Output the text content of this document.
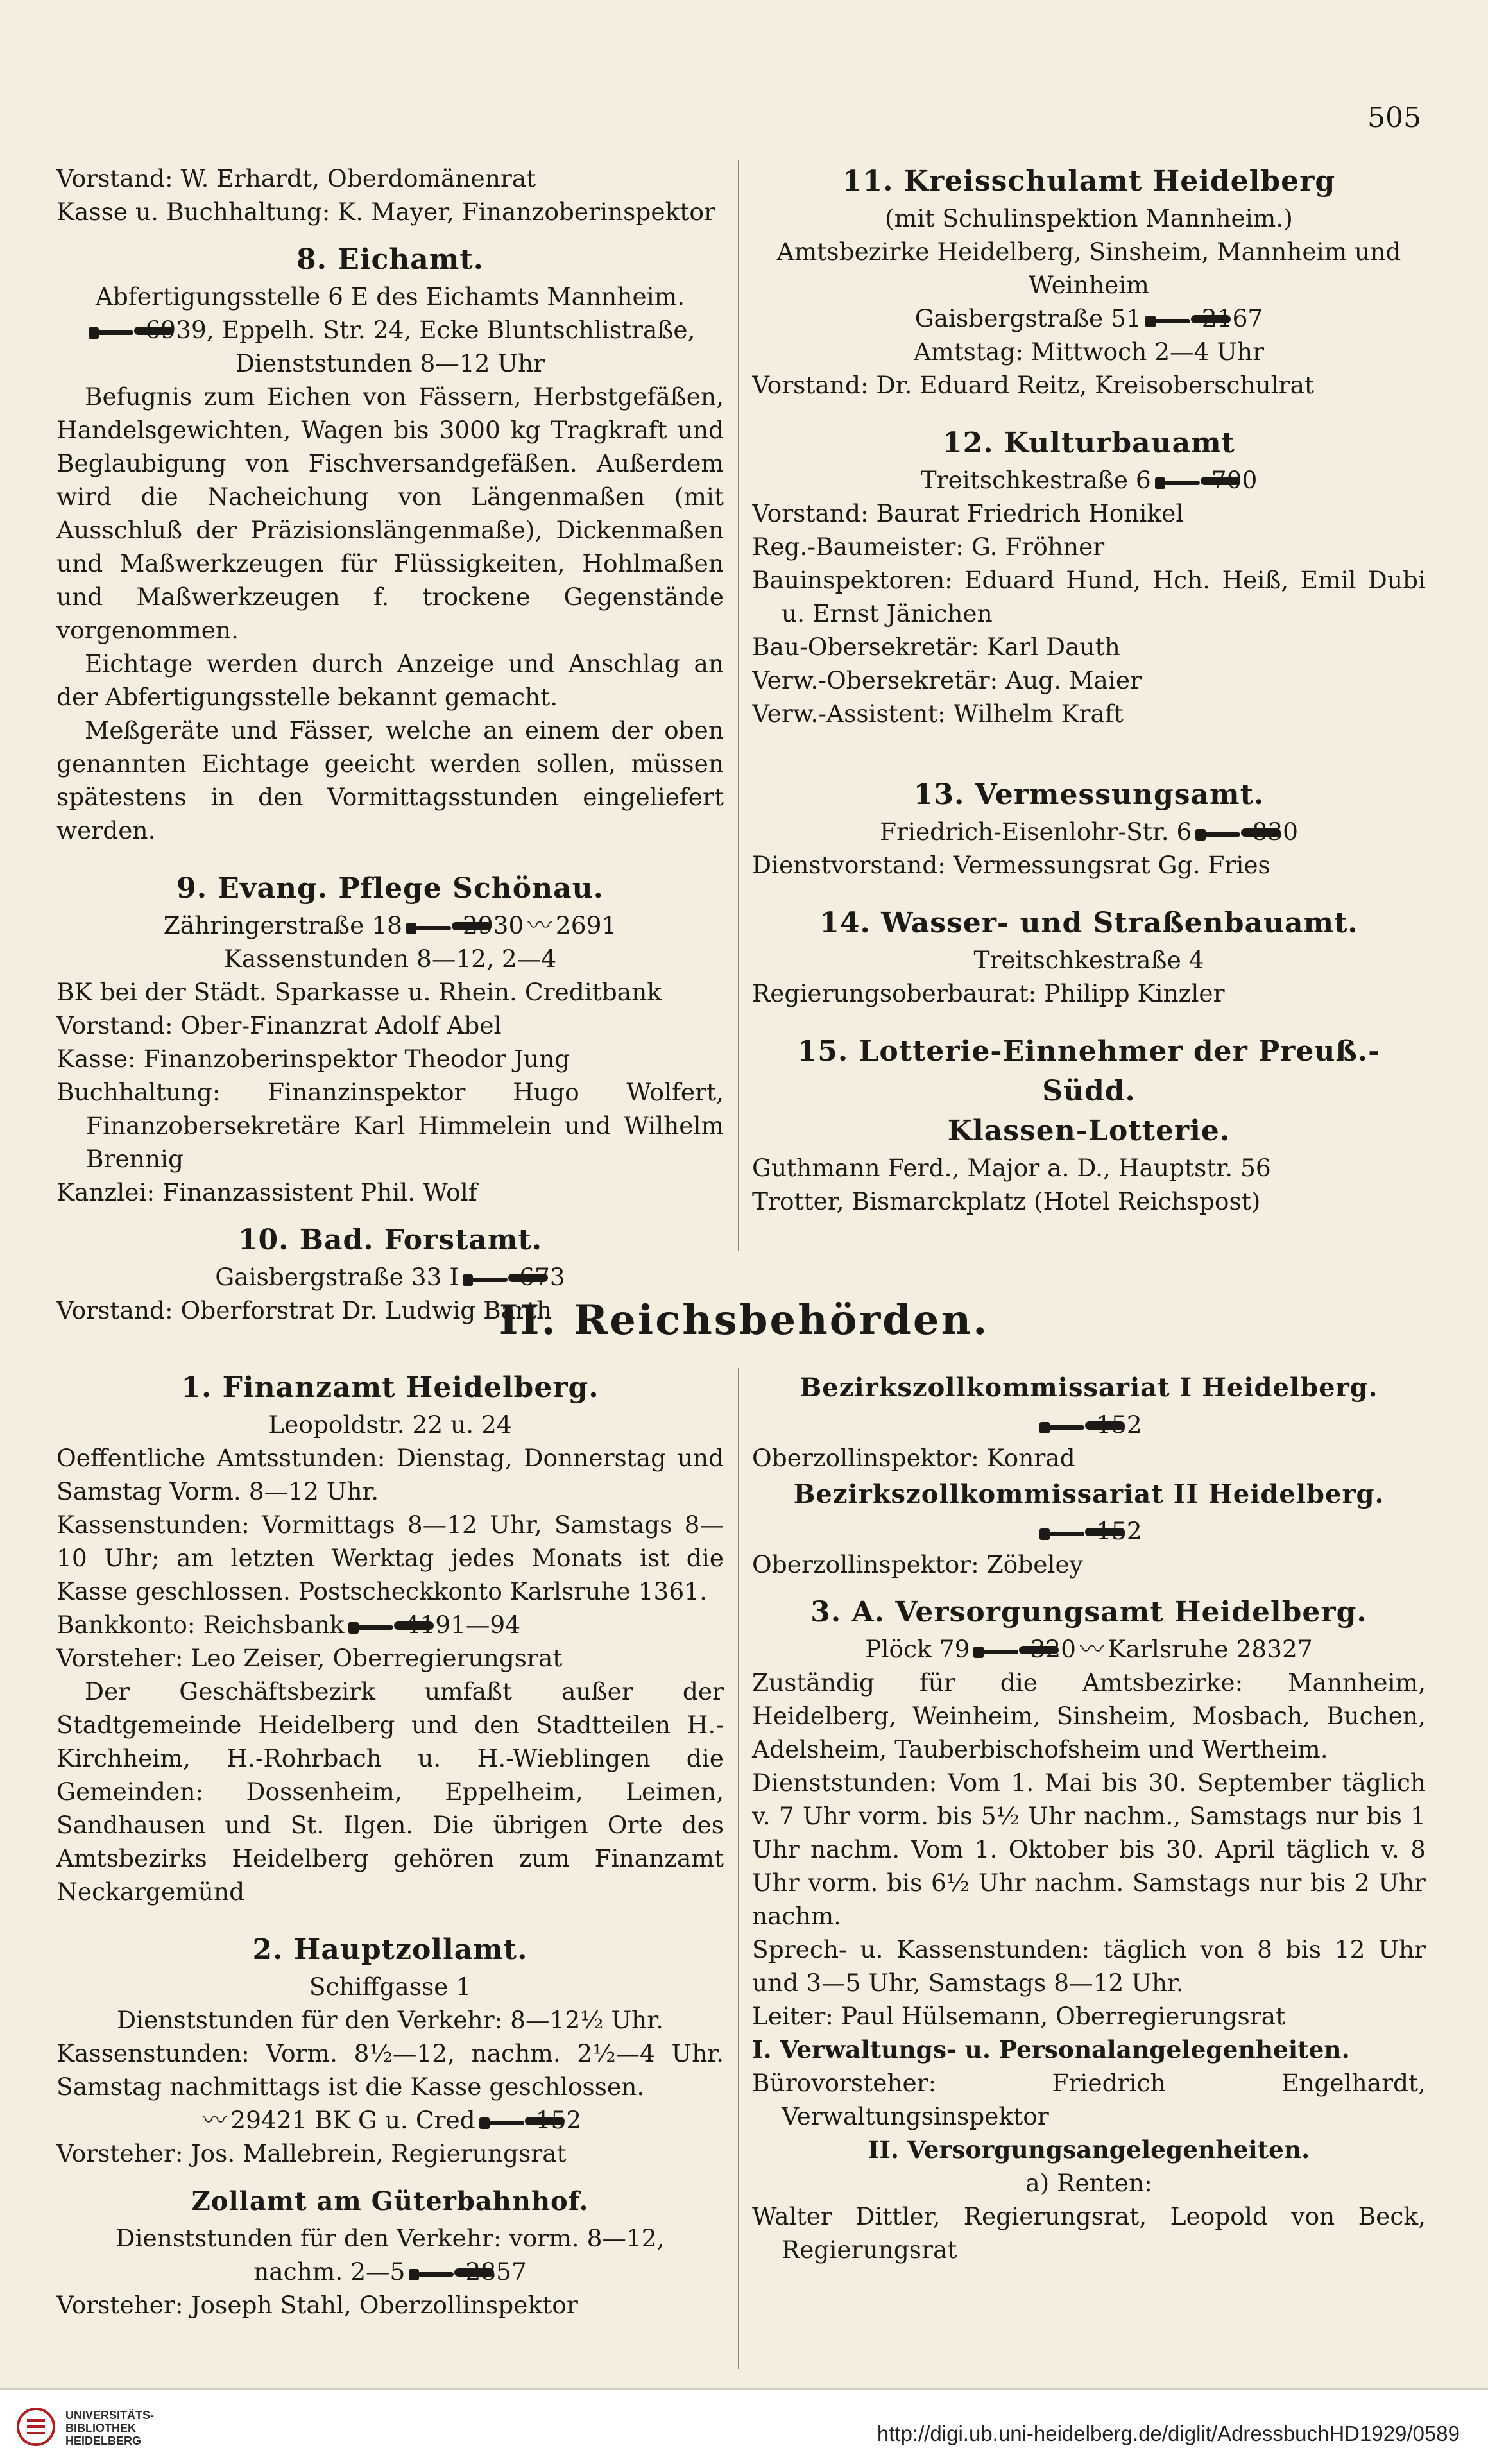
505
Vorstand: W. Erhardt, Oberdomänenrat
Kasse u. Buchhaltung: K. Mayer, Finanzoberinspektor
8. Eichamt.
Abfertigungsstelle 6 E des Eichamts Mannheim.
6939, Eppelh. Str. 24, Ecke Bluntschlistraße,
Dienststunden 8—12 Uhr
Befugnis zum Eichen von Fässern, Herbstgefäßen, Handelsgewichten, Wagen bis 3000 kg Tragkraft und Beglaubigung von Fischversandgefäßen. Außerdem wird die Nacheichung von Längenmaßen (mit Ausschluß der Präzisionslängenmaße), Dickenmaßen und Maßwerkzeugen für Flüssigkeiten, Hohlmaßen und Maßwerkzeugen f. trockene Gegenstände vorgenommen.
Eichtage werden durch Anzeige und Anschlag an der Abfertigungsstelle bekannt gemacht.
Meßgeräte und Fässer, welche an einem der oben genannten Eichtage geeicht werden sollen, müssen spätestens in den Vormittagsstunden eingeliefert werden.
9. Evang. Pflege Schönau.
Zähringerstraße 18	2930 〰 2691
Kassenstunden 8—12, 2—4
BK bei der Städt. Sparkasse u. Rhein. Creditbank
Vorstand: Ober-Finanzrat Adolf Abel
Kasse: Finanzoberinspektor Theodor Jung
Buchhaltung: Finanzinspektor Hugo Wolfert, Finanzobersekretäre Karl Himmelein und Wilhelm Brennig
Kanzlei: Finanzassistent Phil. Wolf
10. Bad. Forstamt.
Gaisbergstraße 33 I	673
Vorstand: Oberforstrat Dr. Ludwig Barth
11. Kreisschulamt Heidelberg
(mit Schulinspektion Mannheim.)
Amtsbezirke Heidelberg, Sinsheim, Mannheim und Weinheim
Gaisbergstraße 51	2167
Amtstag: Mittwoch 2—4 Uhr
Vorstand: Dr. Eduard Reitz, Kreisoberschulrat
12. Kulturbauamt
Treitschkestraße 6	700
Vorstand: Baurat Friedrich Honikel
Reg.-Baumeister: G. Fröhner
Bauinspektoren: Eduard Hund, Hch. Heiß, Emil Dubi u. Ernst Jänichen
Bau-Obersekretär: Karl Dauth
Verw.-Obersekretär: Aug. Maier
Verw.-Assistent: Wilhelm Kraft
13. Vermessungsamt.
Friedrich-Eisenlohr-Str. 6	830
Dienstvorstand: Vermessungsrat Gg. Fries
14. Wasser- und Straßenbauamt.
Treitschkestraße 4
Regierungsoberbaurat: Philipp Kinzler
15. Lotterie-Einnehmer der Preuß.-Südd.
Klassen-Lotterie.
Guthmann Ferd., Major a. D., Hauptstr. 56
Trotter, Bismarckplatz (Hotel Reichspost)
II. Reichsbehörden.
1. Finanzamt Heidelberg.
Leopoldstr. 22 u. 24
Oeffentliche Amtsstunden: Dienstag, Donnerstag und Samstag Vorm. 8—12 Uhr.
Kassenstunden: Vormittags 8—12 Uhr, Samstags 8—10 Uhr; am letzten Werktag jedes Monats ist die Kasse geschlossen. Postscheckkonto Karlsruhe 1361.
Bankkonto: Reichsbank	4191—94
Vorsteher: Leo Zeiser, Oberregierungsrat
Der Geschäftsbezirk umfaßt außer der Stadtgemeinde Heidelberg und den Stadtteilen H.-Kirchheim, H.-Rohrbach u. H.-Wieblingen die Gemeinden: Dossenheim, Eppelheim, Leimen, Sandhausen und St. Ilgen. Die übrigen Orte des Amtsbezirks Heidelberg gehören zum Finanzamt Neckargemünd
2. Hauptzollamt.
Schiffgasse 1
Dienststunden für den Verkehr: 8—12½ Uhr.
Kassenstunden: Vorm. 8½—12, nachm. 2½—4 Uhr. Samstag nachmittags ist die Kasse geschlossen.
〰 29421 BK G u. Cred	152
Vorsteher: Jos. Mallebrein, Regierungsrat
Zollamt am Güterbahnhof.
Dienststunden für den Verkehr: vorm. 8—12,
nachm. 2—5	2857
Vorsteher: Joseph Stahl, Oberzollinspektor
Bezirkszollkommissariat I Heidelberg.
152
Oberzollinspektor: Konrad
Bezirkszollkommissariat II Heidelberg.
152
Oberzollinspektor: Zöbeley
3. A. Versorgungsamt Heidelberg.
Plöck 79	320 〰 Karlsruhe 28327
Zuständig für die Amtsbezirke: Mannheim, Heidelberg, Weinheim, Sinsheim, Mosbach, Buchen, Adelsheim, Tauberbischofsheim und Wertheim.
Dienststunden: Vom 1. Mai bis 30. September täglich v. 7 Uhr vorm. bis 5½ Uhr nachm., Samstags nur bis 1 Uhr nachm. Vom 1. Oktober bis 30. April täglich v. 8 Uhr vorm. bis 6½ Uhr nachm. Samstags nur bis 2 Uhr nachm.
Sprech- u. Kassenstunden: täglich von 8 bis 12 Uhr und 3—5 Uhr, Samstags 8—12 Uhr.
Leiter: Paul Hülsemann, Oberregierungsrat
I. Verwaltungs- u. Personalangelegenheiten.
Bürovorsteher: Friedrich Engelhardt, Verwaltungsinspektor
II. Versorgungsangelegenheiten.
a) Renten:
Walter Dittler, Regierungsrat, Leopold von Beck, Regierungsrat
UNIVERSITÄTS-
BIBLIOTHEK
HEIDELBERG	http://digi.ub.uni-heidelberg.de/diglit/AdressbuchHD1929/0589
